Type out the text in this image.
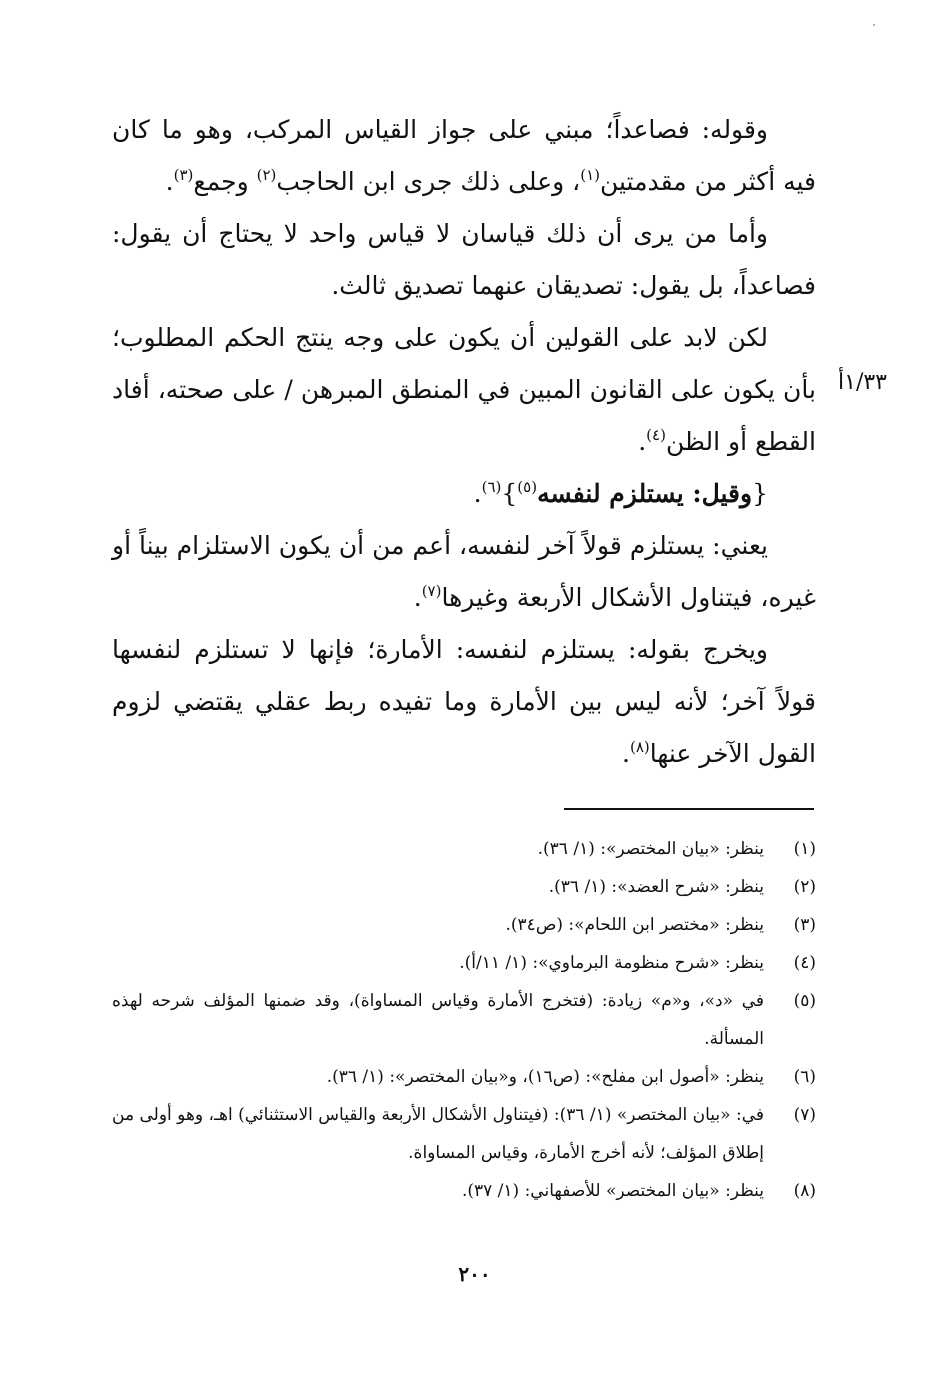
١/٣٣أ

وقوله: فصاعداً؛ مبني على جواز القياس المركب، وهو ما كان فيه أكثر من مقدمتين$^{(١)}$، وعلى ذلك جرى ابن الحاجب$^{(٢)}$ وجمع$^{(٣)}$.

وأما من يرى أن ذلك قياسان لا قياس واحد لا يحتاج أن يقول: فصاعداً، بل يقول: تصديقان عنهما تصديق ثالث.

لكن لابد على القولين أن يكون على وجه ينتج الحكم المطلوب؛ بأن يكون على القانون المبين في المنطق المبرهن / على صحته، أفاد القطع أو الظن$^{(٤)}$.

{وقيل: يستلزم لنفسه$^{(٥)}$}$^{(٦)}$.

يعني: يستلزم قولاً آخر لنفسه، أعم من أن يكون الاستلزام بيناً أو غيره، فيتناول الأشكال الأربعة وغيرها$^{(٧)}$.

ويخرج بقوله: يستلزم لنفسه: الأمارة؛ فإنها لا تستلزم لنفسها قولاً آخر؛ لأنه ليس بين الأمارة وما تفيده ربط عقلي يقتضي لزوم القول الآخر عنها$^{(٨)}$.

(١)
ينظر: «بيان المختصر»: (١/ ٣٦).
(٢)
ينظر: «شرح العضد»: (١/ ٣٦).
(٣)
ينظر: «مختصر ابن اللحام»: (ص٣٤).
(٤)
ينظر: «شرح منظومة البرماوي»: (١/ ١١/أ).
(٥)
في «د»، و«م» زيادة: (فتخرج الأمارة وقياس المساواة)، وقد ضمنها المؤلف شرحه لهذه المسألة.
(٦)
ينظر: «أصول ابن مفلح»: (ص١٦)، و«بيان المختصر»: (١/ ٣٦).
(٧)
في: «بيان المختصر» (١/ ٣٦): (فيتناول الأشكال الأربعة والقياس الاستثنائي) اهـ، وهو أولى من إطلاق المؤلف؛ لأنه أخرج الأمارة، وقياس المساواة.
(٨)
ينظر: «بيان المختصر» للأصفهاني: (١/ ٣٧).
٢٠٠
